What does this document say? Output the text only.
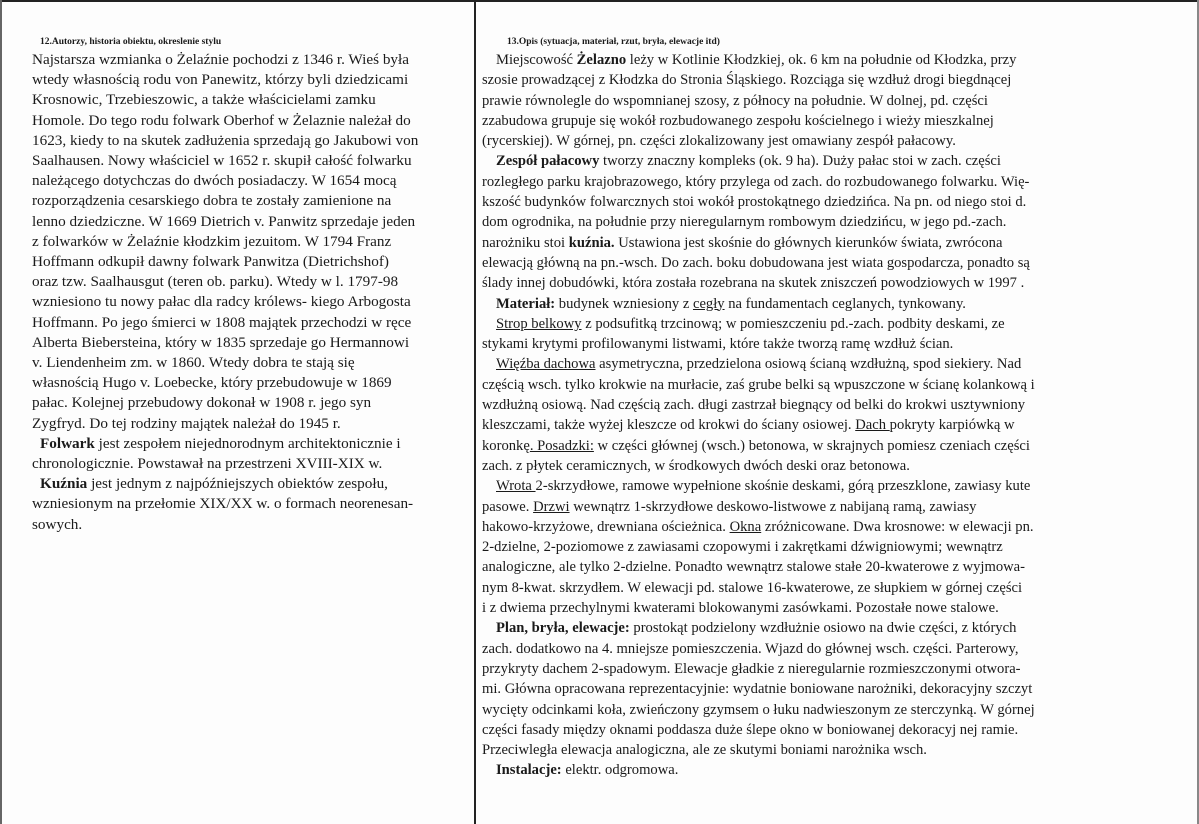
12.Autorzy, historia obiektu, okreslenie stylu
Najstarsza wzmianka o Żelaźnie pochodzi z 1346 r. Wieś była
wtedy własnością rodu von Panewitz, którzy byli dziedzicami
Krosnowic, Trzebieszowic, a także właścicielami zamku
Homole. Do tego rodu folwark Oberhof w Żelaznie należał do
1623, kiedy to na skutek zadłużenia sprzedają go Jakubowi von
Saalhausen. Nowy właściciel w 1652 r. skupił całość folwarku
należącego dotychczas do dwóch posiadaczy. W 1654 mocą
rozporządzenia cesarskiego dobra te zostały zamienione na
lenno dziedziczne. W 1669 Dietrich v. Panwitz sprzedaje jeden
z folwarków w Żelaźnie kłodzkim jezuitom. W 1794 Franz
Hoffmann odkupił dawny folwark Panwitza (Dietrichshof)
oraz tzw. Saalhausgut (teren ob. parku). Wtedy w l. 1797-98
wzniesiono tu nowy pałac dla radcy królews- kiego Arbogosta
Hoffmann. Po jego śmierci w 1808 majątek przechodzi w ręce
Alberta Biebersteina, który w 1835 sprzedaje go Hermannowi
v. Liendenheim zm. w 1860. Wtedy dobra te stają się
własnością Hugo v. Loebecke, który przebudowuje w 1869
pałac. Kolejnej przebudowy dokonał w 1908 r. jego syn
Zygfryd. Do tej rodziny majątek należał do 1945 r.
Folwark jest zespołem niejednorodnym architektonicznie i
chronologicznie. Powstawał na przestrzeni XVIII-XIX w.
Kuźnia jest jednym z najpóźniejszych obiektów zespołu,
wzniesionym na przełomie XIX/XX w. o formach neorenesan-
sowych.
13.Opis (sytuacja, materiał, rzut, bryła, elewacje itd)
Miejscowość Żelazno leży w Kotlinie Kłodzkiej, ok. 6 km na południe od Kłodzka, przy
szosie prowadzącej z Kłodzka do Stronia Śląskiego. Rozciąga się wzdłuż drogi biegdnącej
prawie równolegle do wspomnianej szosy, z północy na południe. W dolnej, pd. części
zzabudowa grupuje się wokół rozbudowanego zespołu kościelnego i wieży mieszkalnej
(rycerskiej). W górnej, pn. części zlokalizowany jest omawiany zespół pałacowy.
Zespół pałacowy tworzy znaczny kompleks (ok. 9 ha). Duży pałac stoi w zach. części
rozległego parku krajobrazowego, który przylega od zach. do rozbudowanego folwarku. Wię-
kszość budynków folwarcznych stoi wokół prostokątnego dziedzińca. Na pn. od niego stoi d.
dom ogrodnika, na południe przy nieregularnym rombowym dziedzińcu, w jego pd.-zach.
narożniku stoi kuźnia. Ustawiona jest skośnie do głównych kierunków świata, zwrócona
elewacją główną na pn.-wsch. Do zach. boku dobudowana jest wiata gospodarcza, ponadto są
ślady innej dobudówki, która została rozebrana na skutek zniszczeń powodziowych w 1997 .
Materiał: budynek wzniesiony z cegły na fundamentach ceglanych, tynkowany.
Strop belkowy z podsufitką trzcinową; w pomieszczeniu pd.-zach. podbity deskami, ze
stykami krytymi profilowanymi listwami, które także tworzą ramę wzdłuż ścian.
Więźba dachowa asymetryczna, przedzielona osiową ścianą wzdłużną, spod siekiery. Nad
częścią wsch. tylko krokwie na murłacie, zaś grube belki są wpuszczone w ścianę kolankową i
wzdłużną osiową. Nad częścią zach. długi zastrzał biegnący od belki do krokwi usztywniony
kleszczami, także wyżej kleszcze od krokwi do ściany osiowej. Dach pokryty karpiówką w
koronkę. Posadzki: w części głównej (wsch.) betonowa, w skrajnych pomiesz czeniach części
zach. z płytek ceramicznych, w środkowych dwóch deski oraz betonowa.
Wrota 2-skrzydłowe, ramowe wypełnione skośnie deskami, górą przeszklone, zawiasy kute
pasowe. Drzwi wewnątrz 1-skrzydłowe deskowo-listwowe z nabijaną ramą, zawiasy
hakowo-krzyżowe, drewniana ościeżnica. Okna zróżnicowane. Dwa krosnowe: w elewacji pn.
2-dzielne, 2-poziomowe z zawiasami czopowymi i zakrętkami dźwigniowymi; wewnątrz
analogiczne, ale tylko 2-dzielne. Ponadto wewnątrz stalowe stałe 20-kwaterowe z wyjmowa-
nym 8-kwat. skrzydłem. W elewacji pd. stalowe 16-kwaterowe, ze słupkiem w górnej części
i z dwiema przechylnymi kwaterami blokowanymi zasówkami. Pozostałe nowe stalowe.
Plan, bryła, elewacje: prostokąt podzielony wzdłużnie osiowo na dwie części, z których
zach. dodatkowo na 4. mniejsze pomieszczenia. Wjazd do głównej wsch. części. Parterowy,
przykryty dachem 2-spadowym. Elewacje gładkie z nieregularnie rozmieszczonymi otwora-
mi. Główna opracowana reprezentacyjnie: wydatnie boniowane narożniki, dekoracyjny szczyt
wycięty odcinkami koła, zwieńczony gzymsem o łuku nadwieszonym ze sterczynką. W górnej
części fasady między oknami poddasza duże ślepe okno w boniowanej dekoracyj nej ramie.
Przeciwległa elewacja analogiczna, ale ze skutymi boniami narożnika wsch.
Instalacje: elektr. odgromowa.
